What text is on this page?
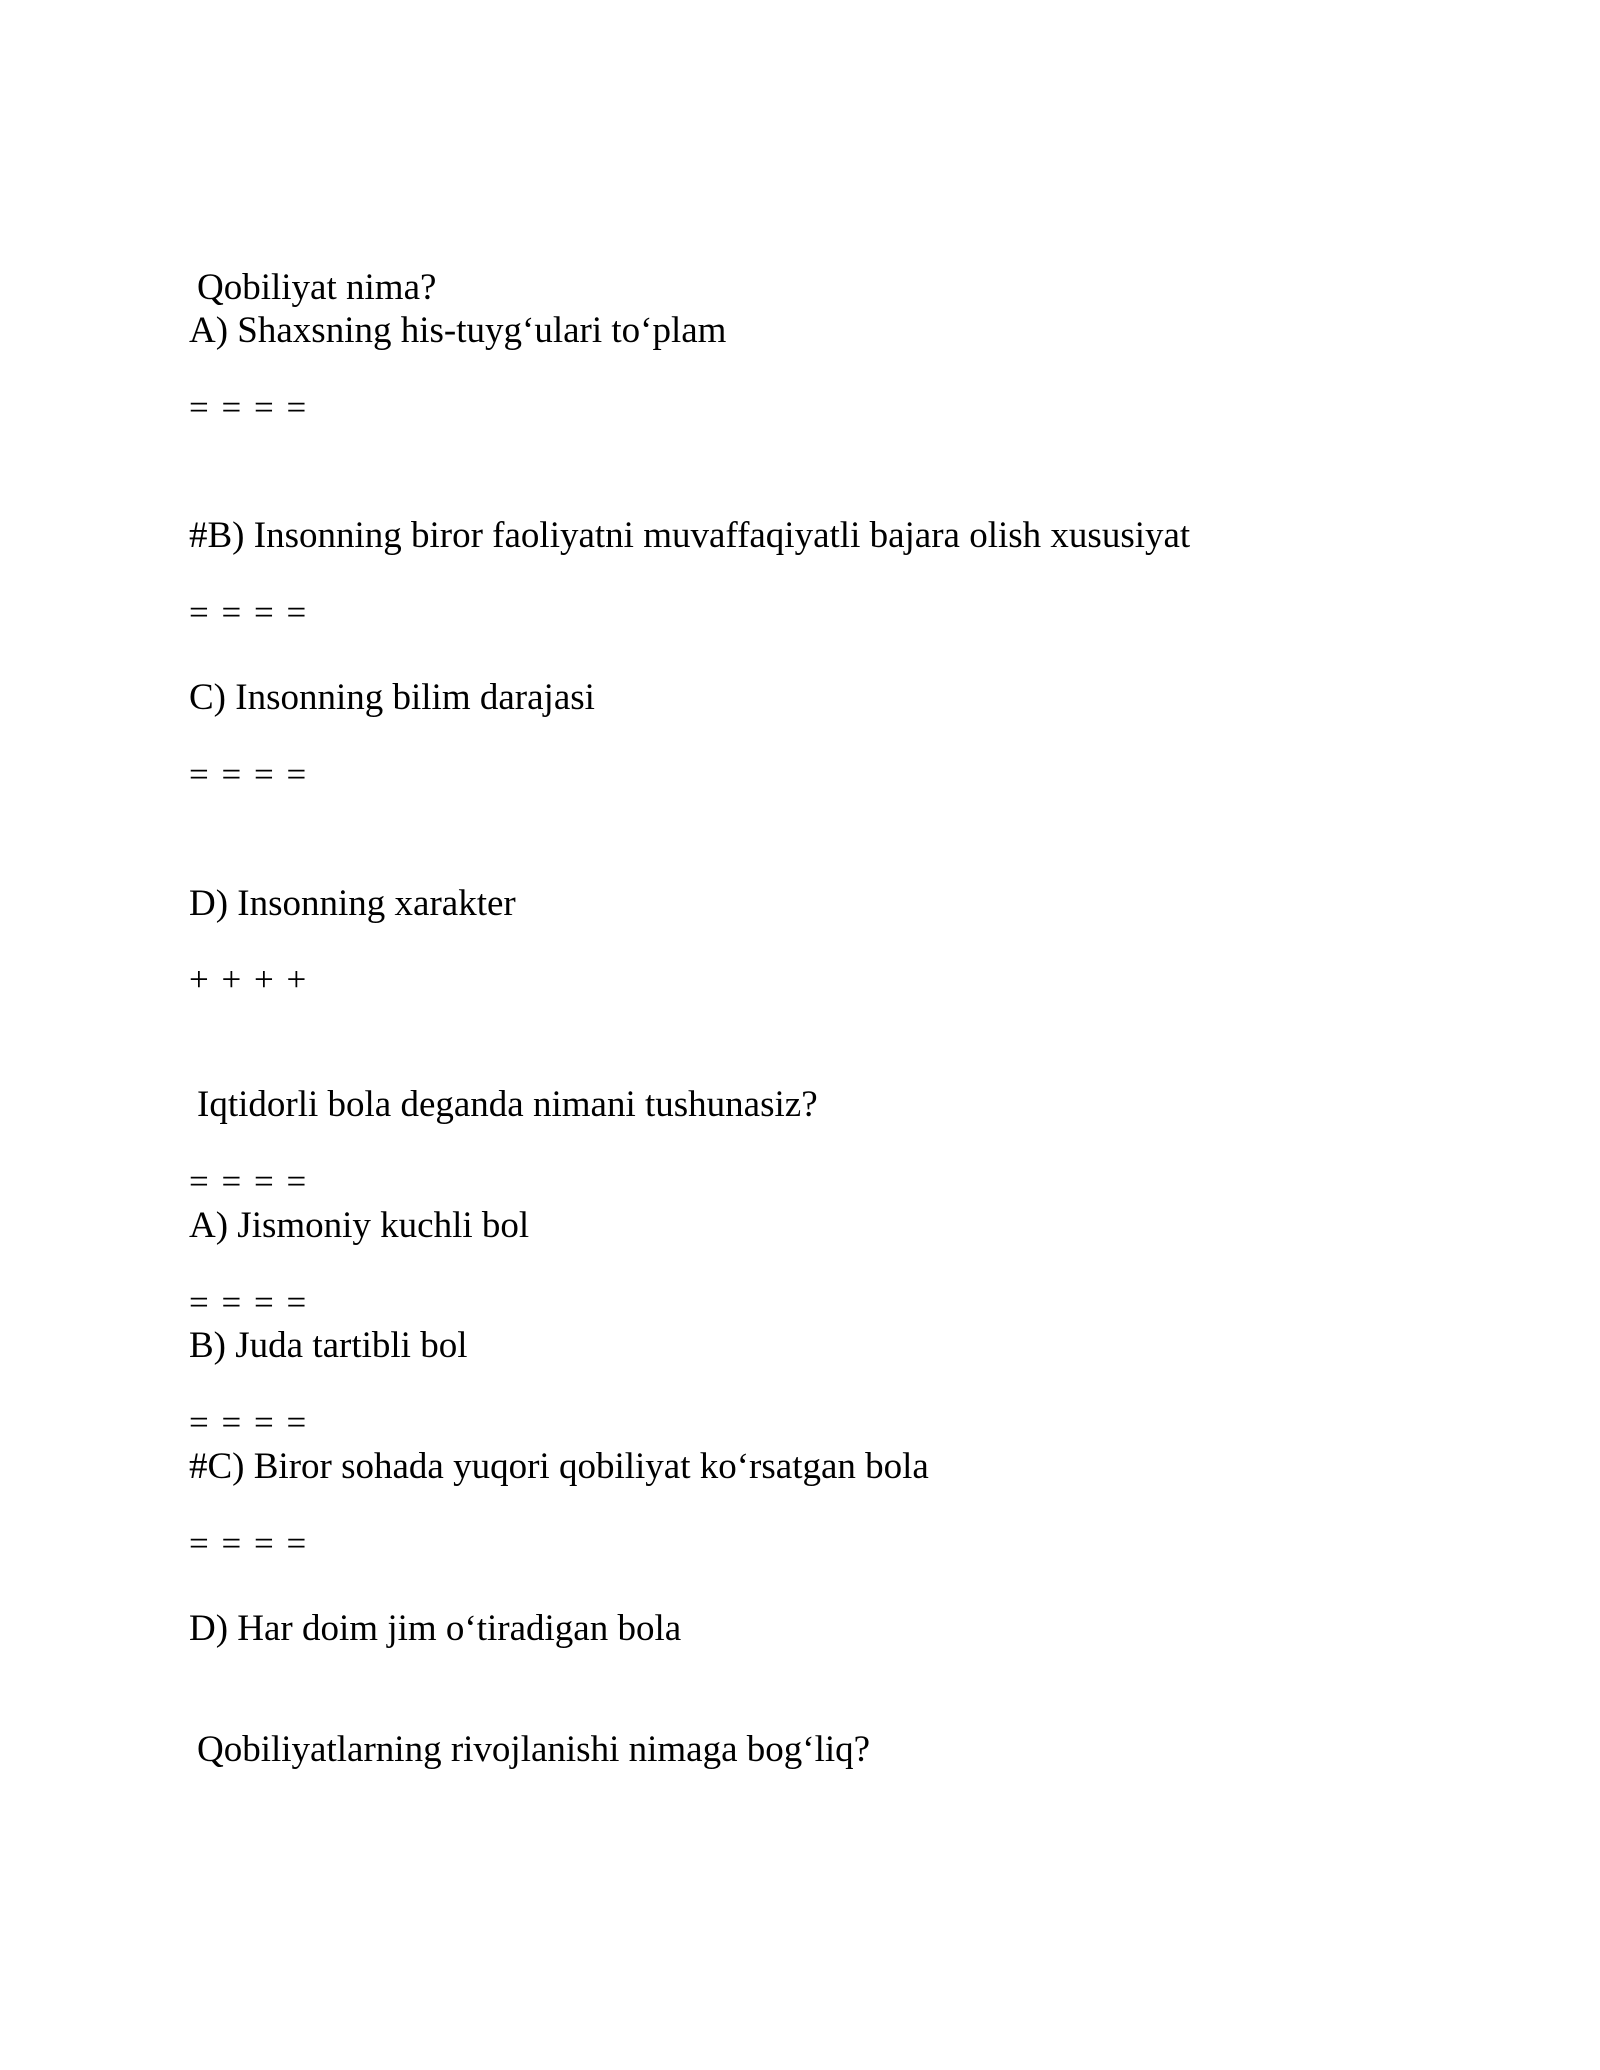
Qobiliyat nima?
A) Shaxsning his-tuyg‘ulari to‘plam
= = = =
#B) Insonning biror faoliyatni muvaffaqiyatli bajara olish xususiyat
= = = =
C) Insonning bilim darajasi
= = = =
D) Insonning xarakter
+ + + +
Iqtidorli bola deganda nimani tushunasiz?
= = = =
A) Jismoniy kuchli bol
= = = =
B) Juda tartibli bol
= = = =
#C) Biror sohada yuqori qobiliyat ko‘rsatgan bola
= = = =
D) Har doim jim o‘tiradigan bola
Qobiliyatlarning rivojlanishi nimaga bog‘liq?
